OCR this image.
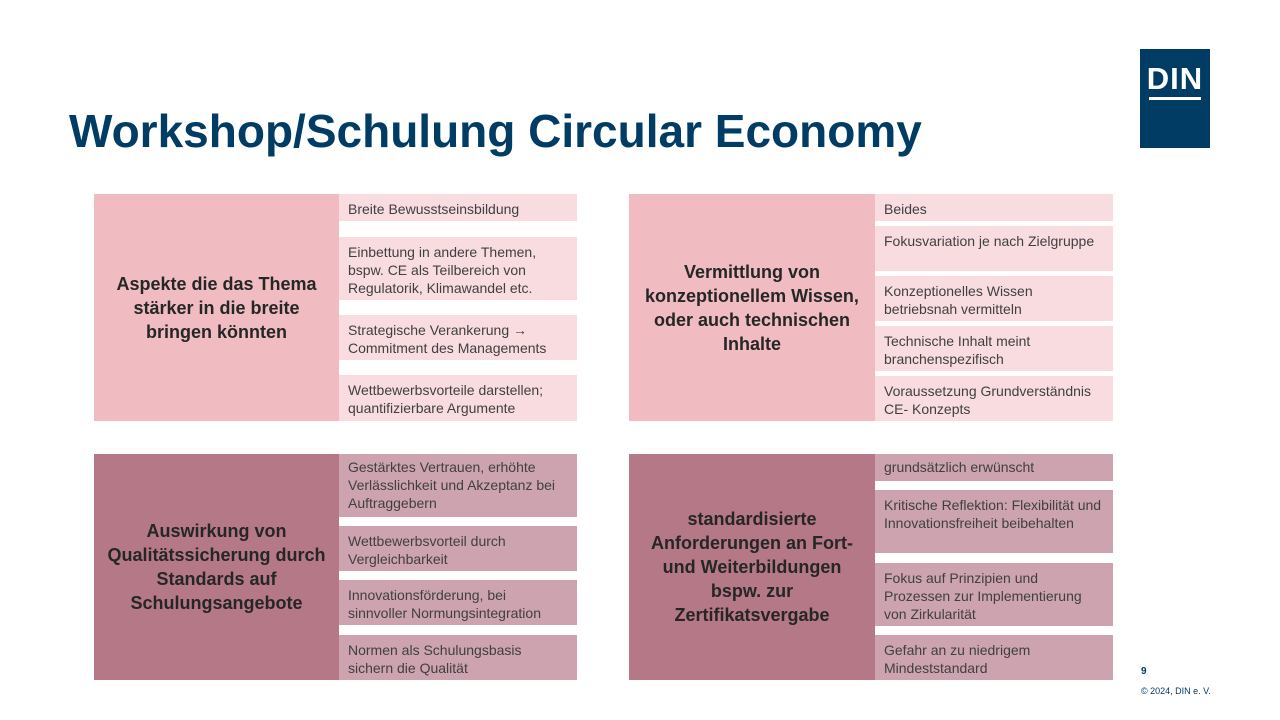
Workshop/Schulung Circular Economy
DIN
Aspekte die das Thema stärker in die breite bringen könnten
Breite Bewusstseinsbildung
Einbettung in andere Themen, bspw. CE als Teilbereich von Regulatorik, Klimawandel etc.
Strategische Verankerung → Commitment des Managements
Wettbewerbsvorteile darstellen; quantifizierbare Argumente
Vermittlung von konzeptionellem Wissen, oder auch technischen Inhalte
Beides
Fokusvariation je nach Zielgruppe
Konzeptionelles Wissen betriebsnah vermitteln
Technische Inhalt meint branchenspezifisch
Voraussetzung Grundverständnis CE- Konzepts
Auswirkung von Qualitätssicherung durch Standards auf Schulungsangebote
Gestärktes Vertrauen, erhöhte Verlässlichkeit und Akzeptanz bei Auftraggebern
Wettbewerbsvorteil durch Vergleichbarkeit
Innovationsförderung, bei sinnvoller Normungsintegration
Normen als Schulungsbasis sichern die Qualität
standardisierte Anforderungen an Fort- und Weiterbildungen bspw. zur Zertifikatsvergabe
grundsätzlich erwünscht
Kritische Reflektion: Flexibilität und Innovationsfreiheit beibehalten
Fokus auf Prinzipien und Prozessen zur Implementierung von Zirkularität
Gefahr an zu niedrigem Mindeststandard	9
© 2024, DIN e. V.
